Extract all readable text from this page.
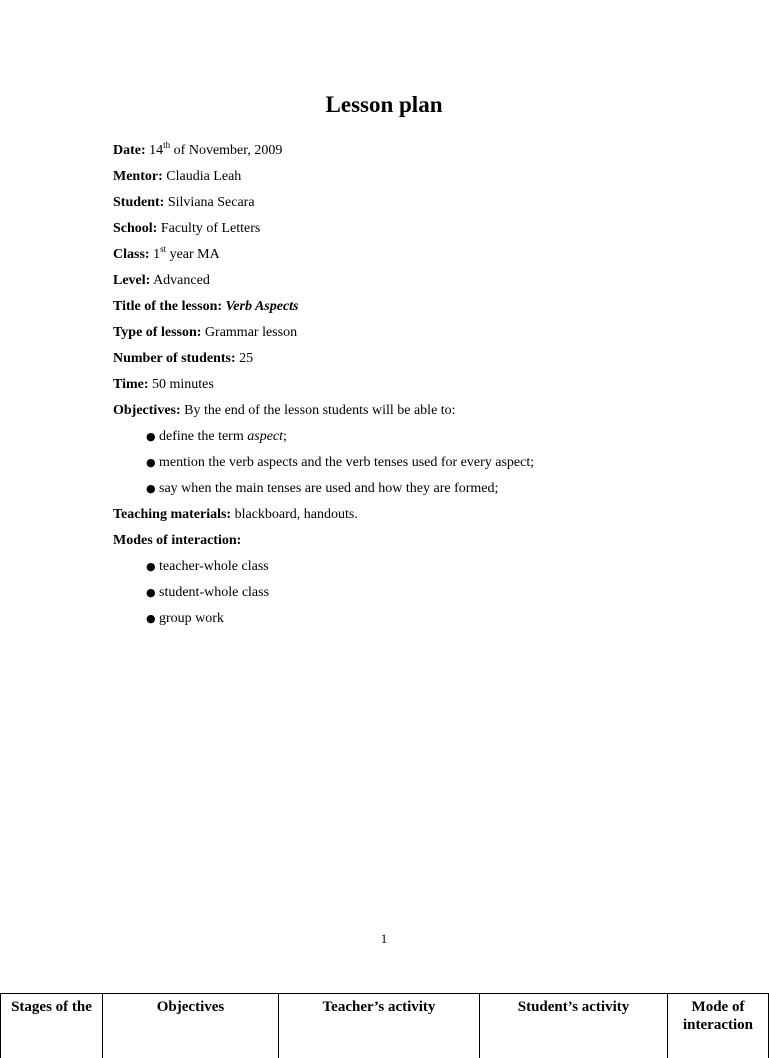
Lesson plan
Date: 14th of November, 2009
Mentor: Claudia Leah
Student: Silviana Secara
School: Faculty of Letters
Class: 1st year MA
Level: Advanced
Title of the lesson: Verb Aspects
Type of lesson: Grammar lesson
Number of students: 25
Time: 50 minutes
Objectives: By the end of the lesson students will be able to:
● define the term aspect;
● mention the verb aspects and the verb tenses used for every aspect;
● say when the main tenses are used and how they are formed;
Teaching materials: blackboard, handouts.
Modes of interaction:
● teacher-whole class
● student-whole class
● group work
1
Stages of the	Objectives	Teacher’s activity	Student’s activity	Mode of interaction
